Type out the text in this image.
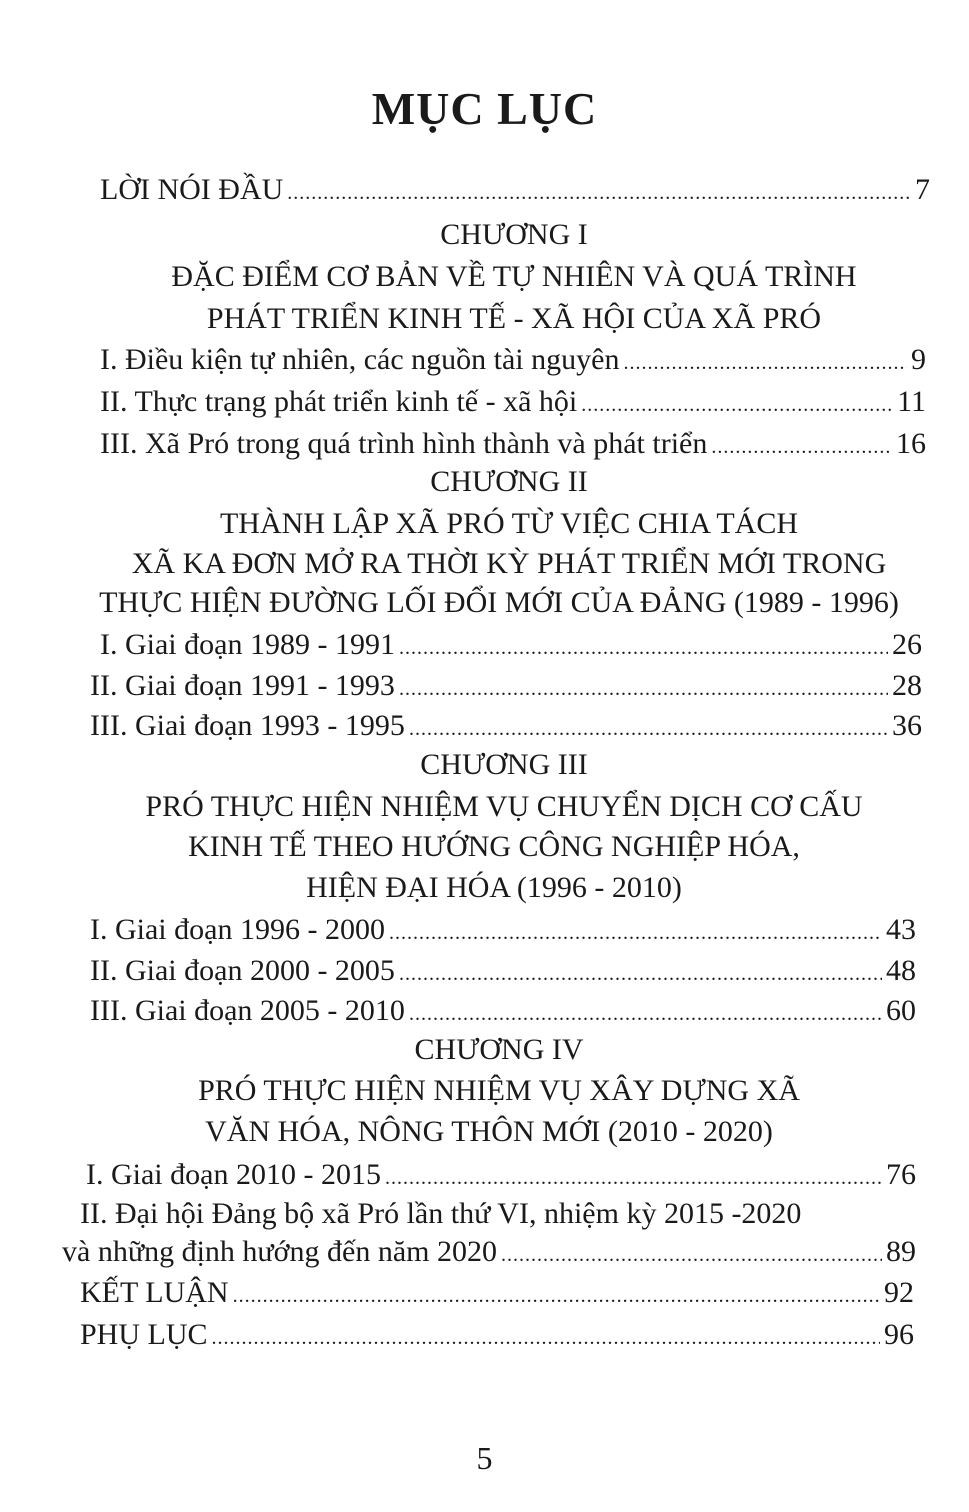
MỤC LỤC
LỜI NÓI ĐẦU .....	7
CHƯƠNG I
ĐẶC ĐIỂM CƠ BẢN VỀ TỰ NHIÊN VÀ QUÁ TRÌNH
PHÁT TRIỂN KINH TẾ - XÃ HỘI CỦA XÃ PRÓ
I. Điều kiện tự nhiên, các nguồn tài nguyên .....	9
II. Thực trạng phát triển kinh tế - xã hội .....	11
III. Xã Pró trong quá trình hình thành và phát triển .....	16
CHƯƠNG II
THÀNH LẬP XÃ PRÓ TỪ VIỆC CHIA TÁCH
XÃ KA ĐƠN MỞ RA THỜI KỲ PHÁT TRIỂN MỚI TRONG
THỰC HIỆN ĐƯỜNG LỐI ĐỔI MỚI CỦA ĐẢNG (1989 - 1996)
I. Giai đoạn 1989 - 1991 .....	26
II. Giai đoạn 1991 - 1993 .....	28
III. Giai đoạn 1993 - 1995 .....	36
CHƯƠNG III
PRÓ THỰC HIỆN NHIỆM VỤ CHUYỂN DỊCH CƠ CẤU
KINH TẾ THEO HƯỚNG CÔNG NGHIỆP HÓA,
HIỆN ĐẠI HÓA (1996 - 2010)
I. Giai đoạn 1996 - 2000 .....	43
II. Giai đoạn 2000 - 2005 .....	48
III. Giai đoạn 2005 - 2010 .....	60
CHƯƠNG IV
PRÓ THỰC HIỆN NHIỆM VỤ XÂY DỰNG XÃ
VĂN HÓA, NÔNG THÔN MỚI (2010 - 2020)
I. Giai đoạn 2010 - 2015 .....	76
II. Đại hội Đảng bộ xã Pró lần thứ VI, nhiệm kỳ 2015 -2020
và những định hướng đến năm 2020 .....	89
KẾT LUẬN .....	92
PHỤ LỤC .....	96
5
